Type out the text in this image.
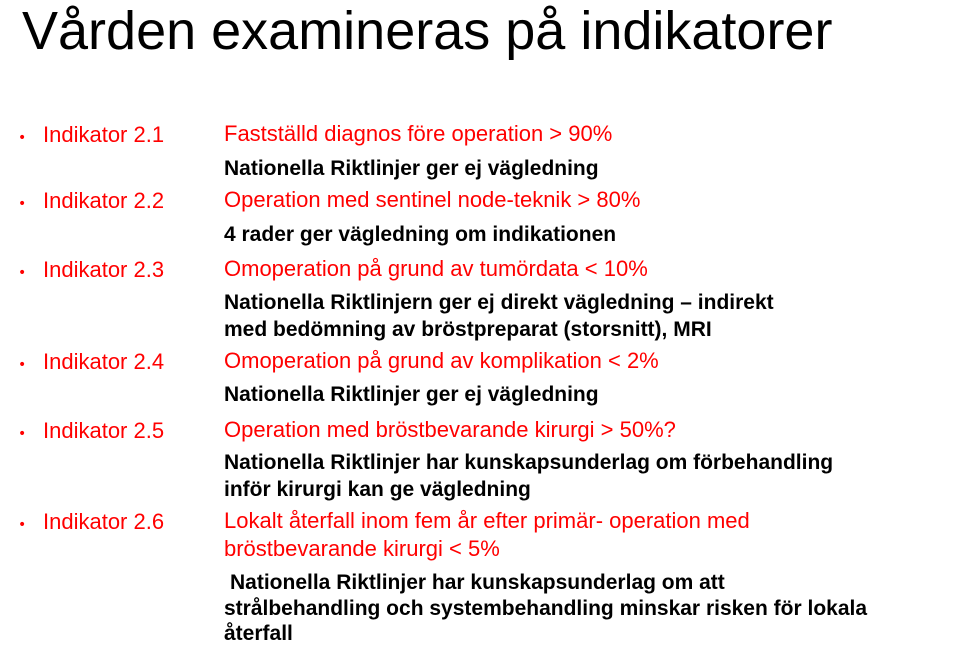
Vården examineras på indikatorer
• Indikator 2.1	Fastställd diagnos före operation > 90%
Nationella Riktlinjer ger ej vägledning
• Indikator 2.2	Operation med sentinel node-teknik > 80%
4 rader ger vägledning om indikationen
• Indikator 2.3	Omoperation på grund av tumördata < 10%
Nationella Riktlinjern ger ej direkt vägledning – indirekt
med bedömning av bröstpreparat (storsnitt), MRI
• Indikator 2.4	Omoperation på grund av komplikation < 2%
Nationella Riktlinjer ger ej vägledning
• Indikator 2.5	Operation med bröstbevarande kirurgi > 50%?
Nationella Riktlinjer har kunskapsunderlag om förbehandling
inför kirurgi kan ge vägledning
• Indikator 2.6	Lokalt återfall inom fem år efter primär- operation med
bröstbevarande kirurgi < 5%
Nationella Riktlinjer har kunskapsunderlag om att
strålbehandling och systembehandling minskar risken för lokala
återfall
